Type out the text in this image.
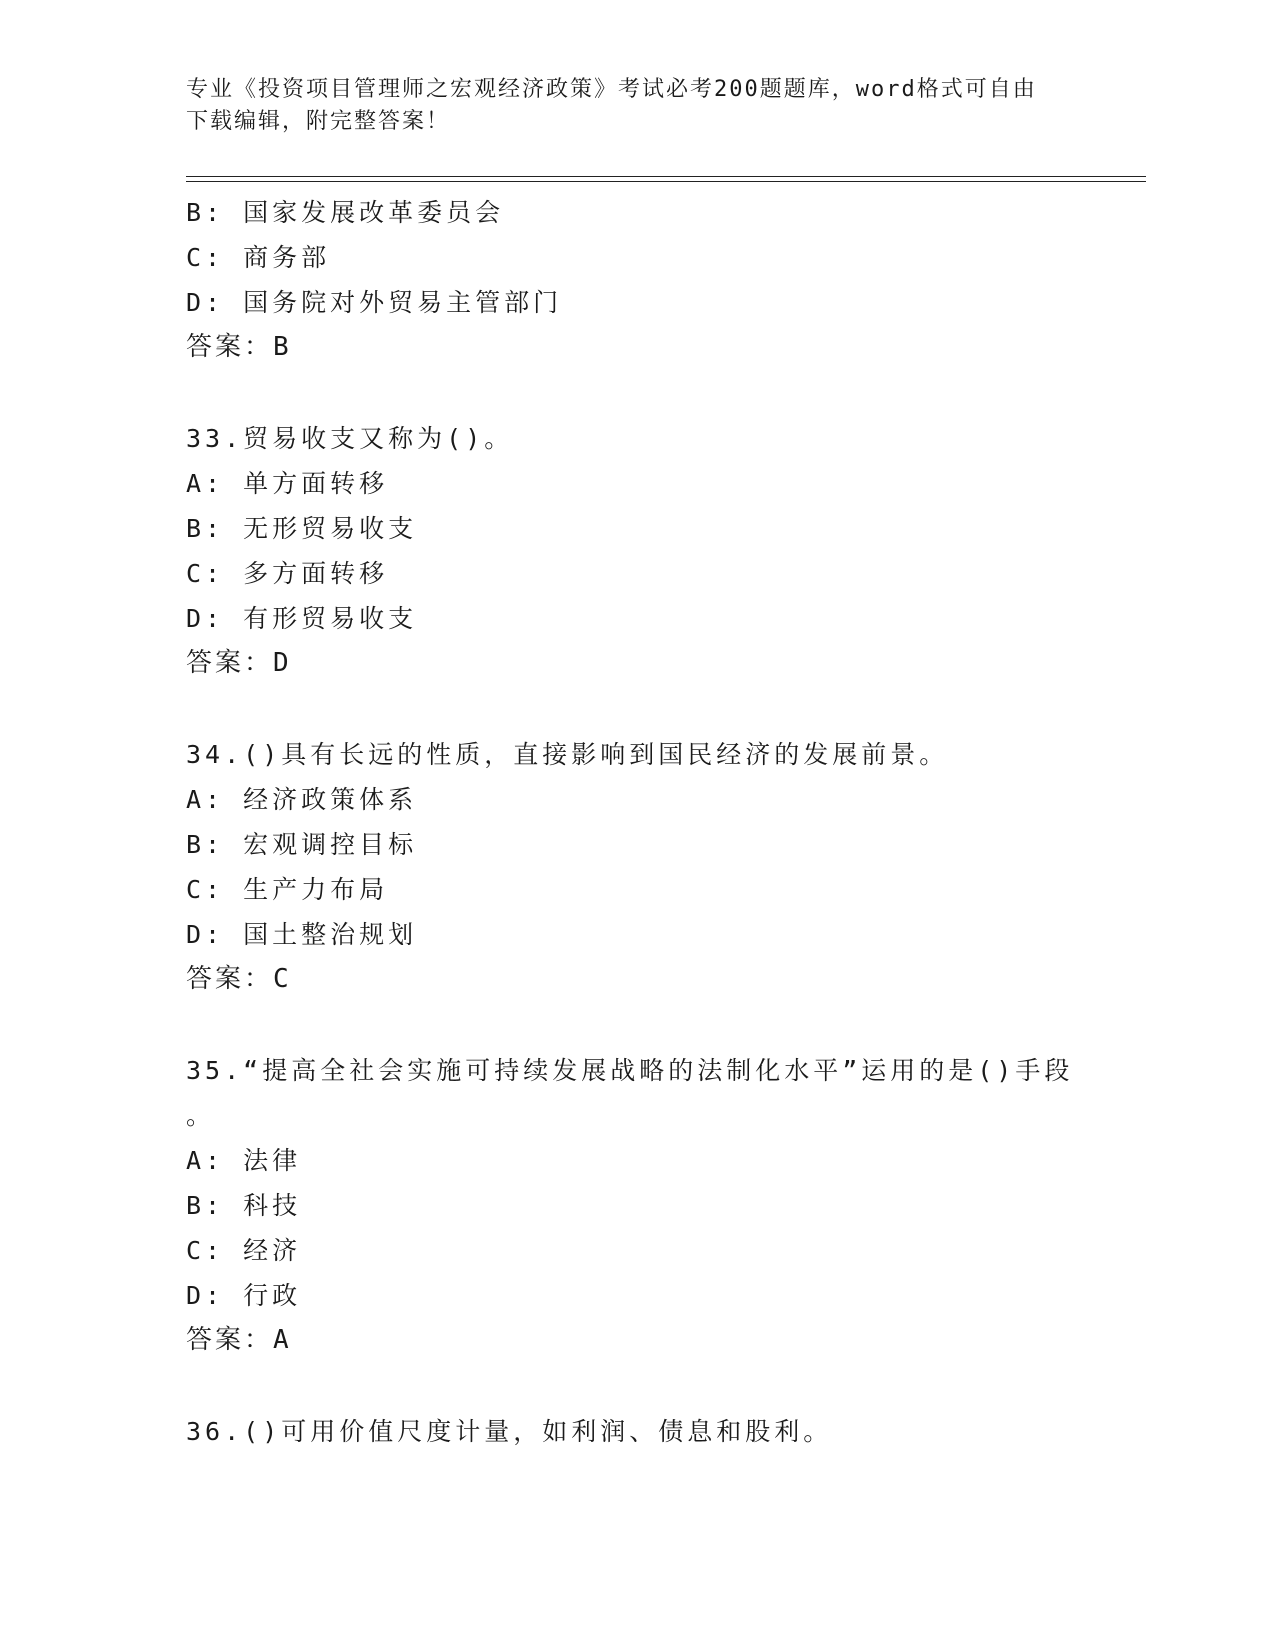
专业《投资项目管理师之宏观经济政策》考试必考200题题库，word格式可自由
下载编辑，附完整答案！
B: 国家发展改革委员会
C: 商务部
D: 国务院对外贸易主管部门
答案：B
33.贸易收支又称为()。
A: 单方面转移
B: 无形贸易收支
C: 多方面转移
D: 有形贸易收支
答案：D
34.()具有长远的性质，直接影响到国民经济的发展前景。
A: 经济政策体系
B: 宏观调控目标
C: 生产力布局
D: 国土整治规划
答案：C
35.“提高全社会实施可持续发展战略的法制化水平”运用的是()手段
。
A: 法律
B: 科技
C: 经济
D: 行政
答案：A
36.()可用价值尺度计量，如利润、债息和股利。
